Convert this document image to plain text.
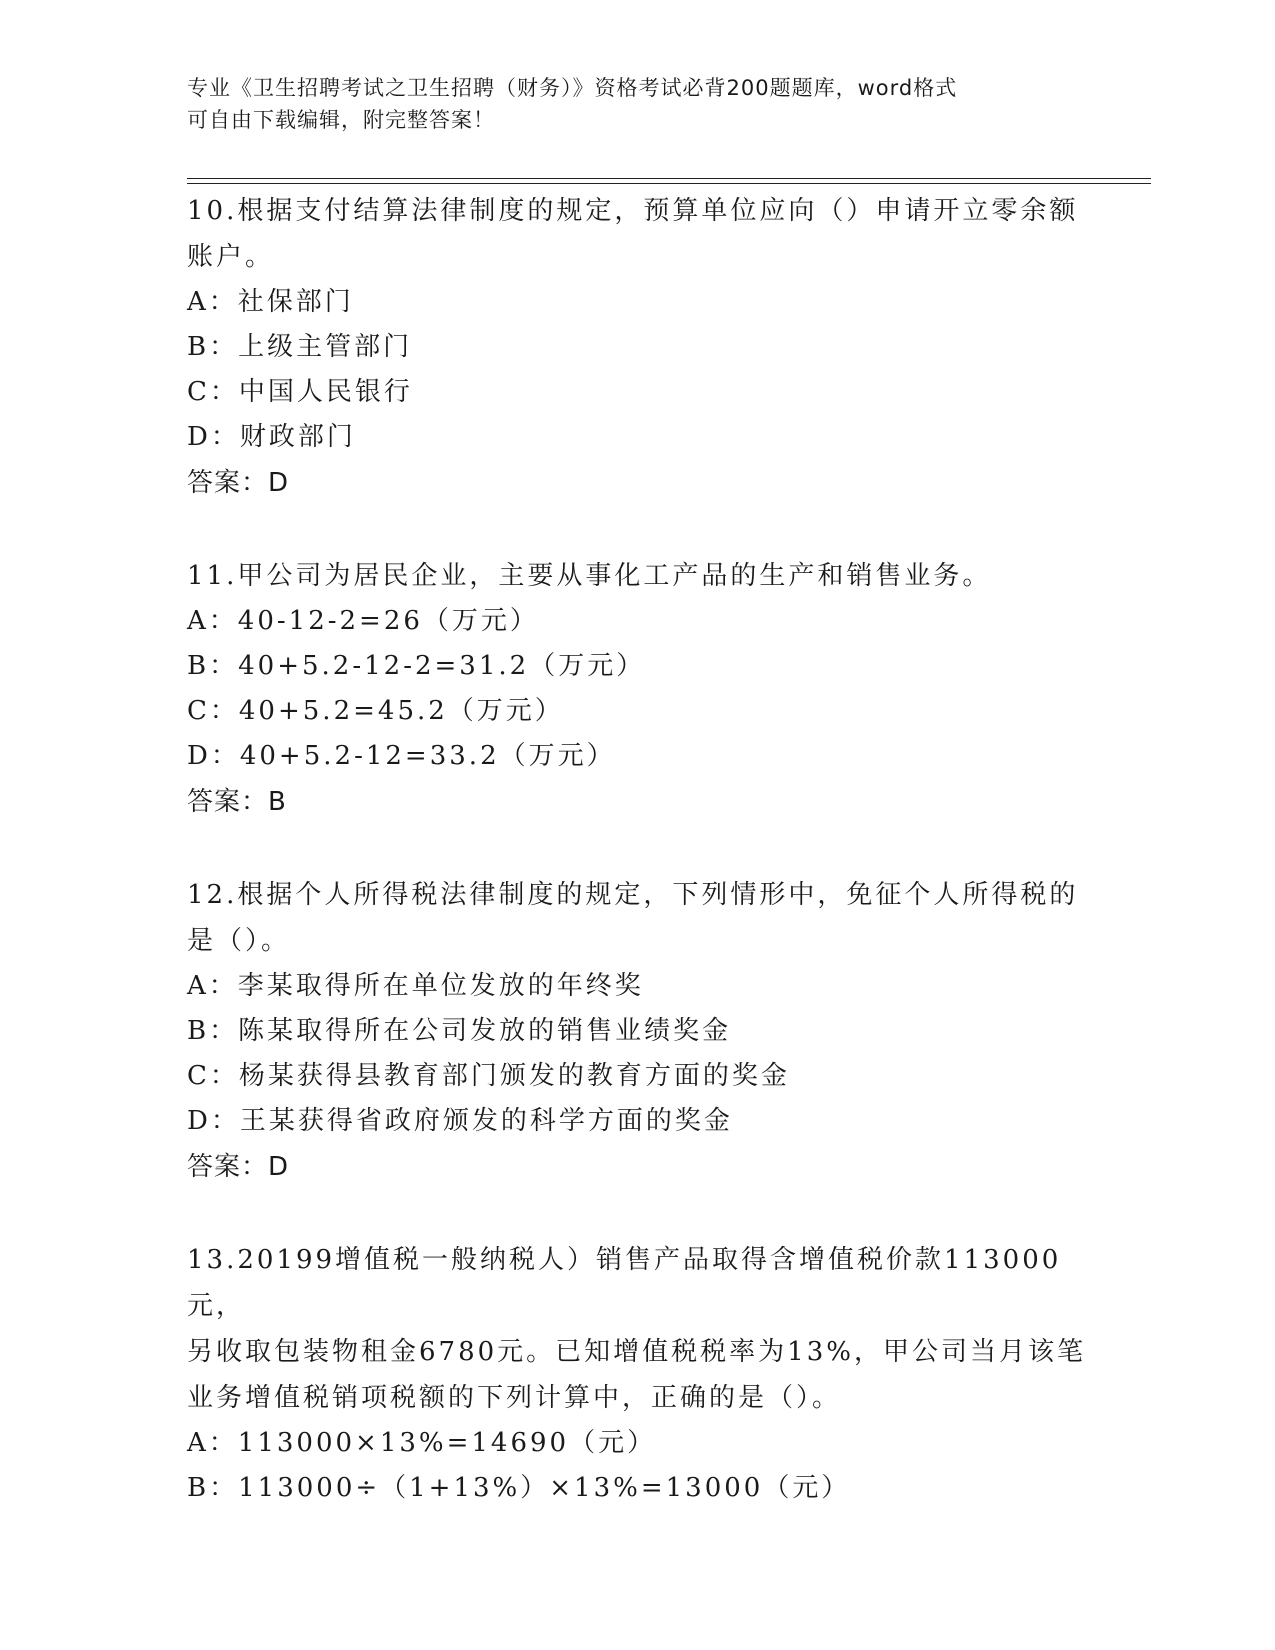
专业《卫生招聘考试之卫生招聘（财务）》资格考试必背200题题库，word格式

可自由下载编辑，附完整答案！

10.根据支付结算法律制度的规定，预算单位应向（）申请开立零余额

账户。

A：社保部门

B：上级主管部门

C：中国人民银行

D：财政部门

答案：D

11.甲公司为居民企业，主要从事化工产品的生产和销售业务。

A：40-12-2=26（万元）

B：40+5.2-12-2=31.2（万元）

C：40+5.2=45.2（万元）

D：40+5.2-12=33.2（万元）

答案：B

12.根据个人所得税法律制度的规定，下列情形中，免征个人所得税的

是（）。

A：李某取得所在单位发放的年终奖

B：陈某取得所在公司发放的销售业绩奖金

C：杨某获得县教育部门颁发的教育方面的奖金

D：王某获得省政府颁发的科学方面的奖金

答案：D

13.20199增值税一般纳税人）销售产品取得含增值税价款113000元，

另收取包装物租金6780元。已知增值税税率为13%，甲公司当月该笔

业务增值税销项税额的下列计算中，正确的是（）。

A：113000×13%=14690（元）

B：113000÷（1+13%）×13%=13000（元）
